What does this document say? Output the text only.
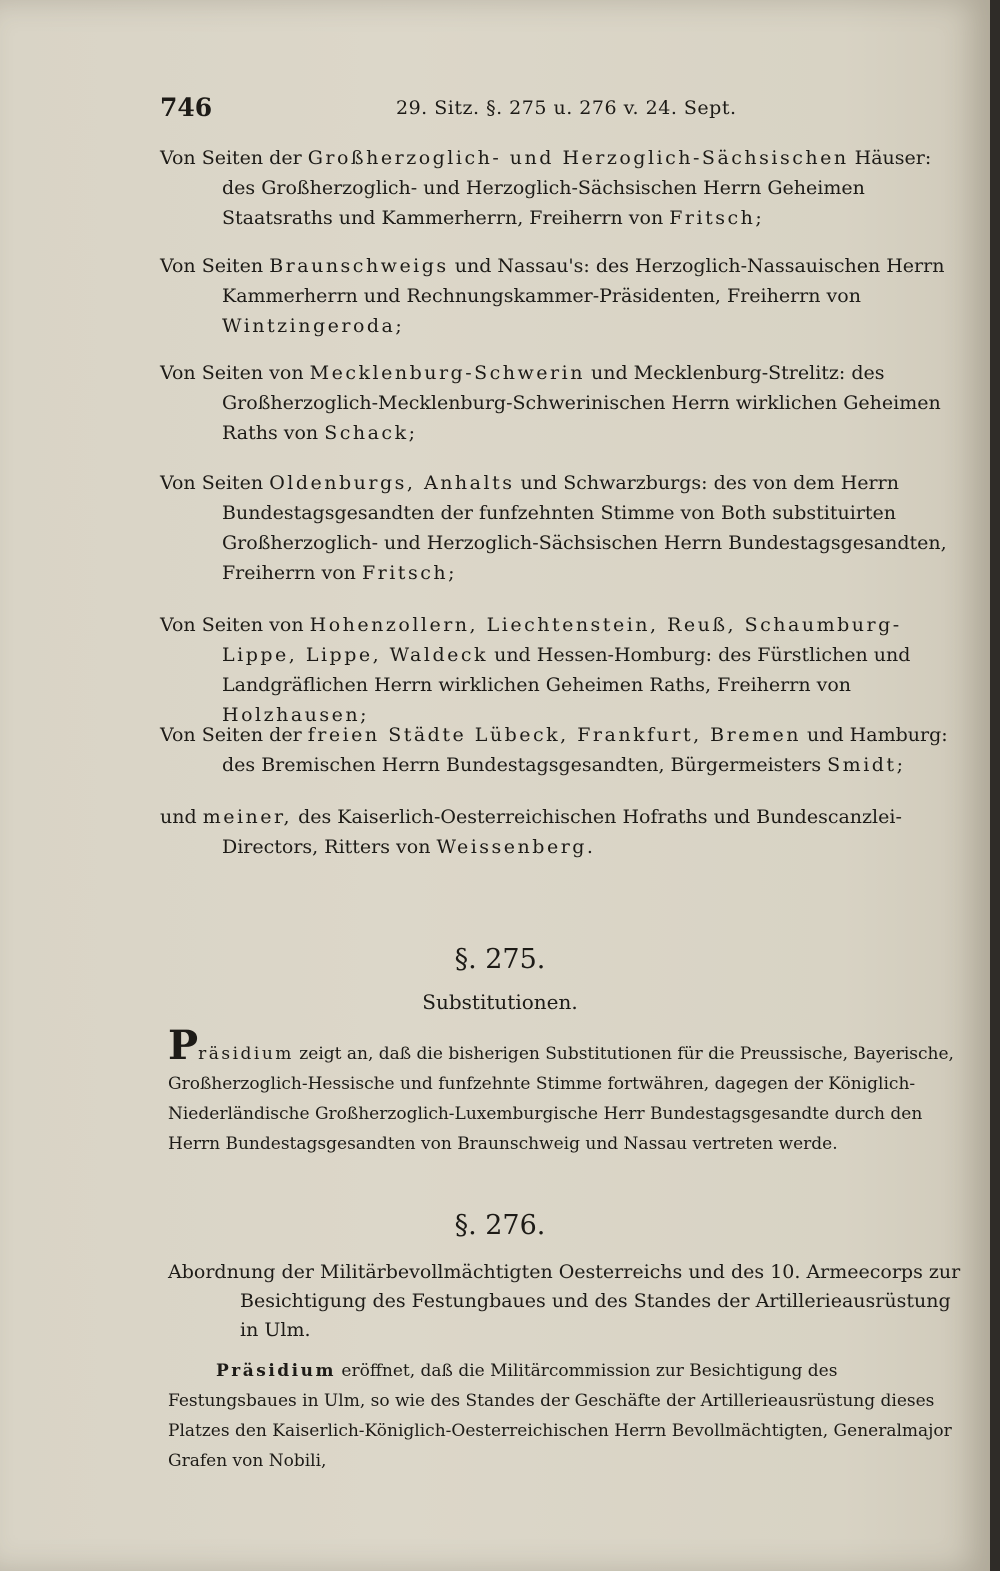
746	29. Sitz. §. 275 u. 276 v. 24. Sept.
Von Seiten der Großherzoglich- und Herzoglich-Sächsischen Häuser: des Großherzoglich- und Herzoglich-Sächsischen Herrn Geheimen Staatsraths und Kammerherrn, Freiherrn von Fritsch;
Von Seiten Braunschweigs und Nassau's: des Herzoglich-Nassauischen Herrn Kammerherrn und Rechnungskammer-Präsidenten, Freiherrn von Wintzingeroda;
Von Seiten von Mecklenburg-Schwerin und Mecklenburg-Strelitz: des Großherzoglich-Mecklenburg-Schwerinischen Herrn wirklichen Geheimen Raths von Schack;
Von Seiten Oldenburgs, Anhalts und Schwarzburgs: des von dem Herrn Bundestagsgesandten der funfzehnten Stimme von Both substituirten Großherzoglich- und Herzoglich-Sächsischen Herrn Bundestagsgesandten, Freiherrn von Fritsch;
Von Seiten von Hohenzollern, Liechtenstein, Reuß, Schaumburg-Lippe, Lippe, Waldeck und Hessen-Homburg: des Fürstlichen und Landgräflichen Herrn wirklichen Geheimen Raths, Freiherrn von Holzhausen;
Von Seiten der freien Städte Lübeck, Frankfurt, Bremen und Hamburg: des Bremischen Herrn Bundestagsgesandten, Bürgermeisters Smidt;
und meiner, des Kaiserlich-Oesterreichischen Hofraths und Bundescanzlei-Directors, Ritters von Weissenberg.
§. 275.
Substitutionen.
Präsidium zeigt an, daß die bisherigen Substitutionen für die Preussische, Bayerische, Großherzoglich-Hessische und funfzehnte Stimme fortwähren, dagegen der Königlich-Niederländische Großherzoglich-Luxemburgische Herr Bundestagsgesandte durch den Herrn Bundestagsgesandten von Braunschweig und Nassau vertreten werde.
§. 276.
Abordnung der Militärbevollmächtigten Oesterreichs und des 10. Armeecorps zur Besichtigung des Festungbaues und des Standes der Artillerieausrüstung in Ulm.
Präsidium eröffnet, daß die Militärcommission zur Besichtigung des Festungsbaues in Ulm, so wie des Standes der Geschäfte der Artillerieausrüstung dieses Platzes den Kaiserlich-Königlich-Oesterreichischen Herrn Bevollmächtigten, Generalmajor Grafen von Nobili,
